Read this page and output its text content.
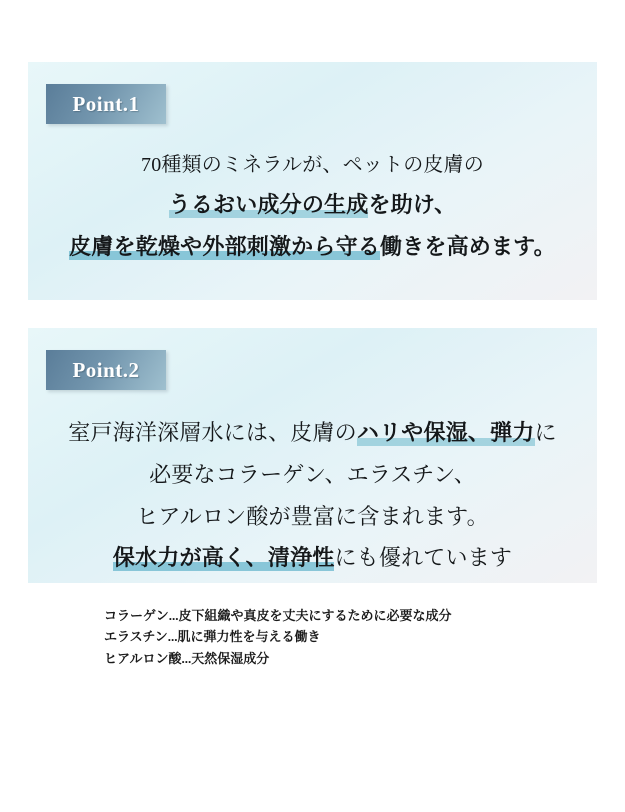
Point.1
70種類のミネラルが、ペットの皮膚の
うるおい成分の生成を助け、
皮膚を乾燥や外部刺激から守る働きを高めます。
Point.2
室戸海洋深層水には、皮膚のハリや保湿、弾力に
必要なコラーゲン、エラスチン、
ヒアルロン酸が豊富に含まれます。
保水力が高く、清浄性にも優れています
コラーゲン...皮下組織や真皮を丈夫にするために必要な成分
エラスチン...肌に弾力性を与える働き
ヒアルロン酸...天然保湿成分
